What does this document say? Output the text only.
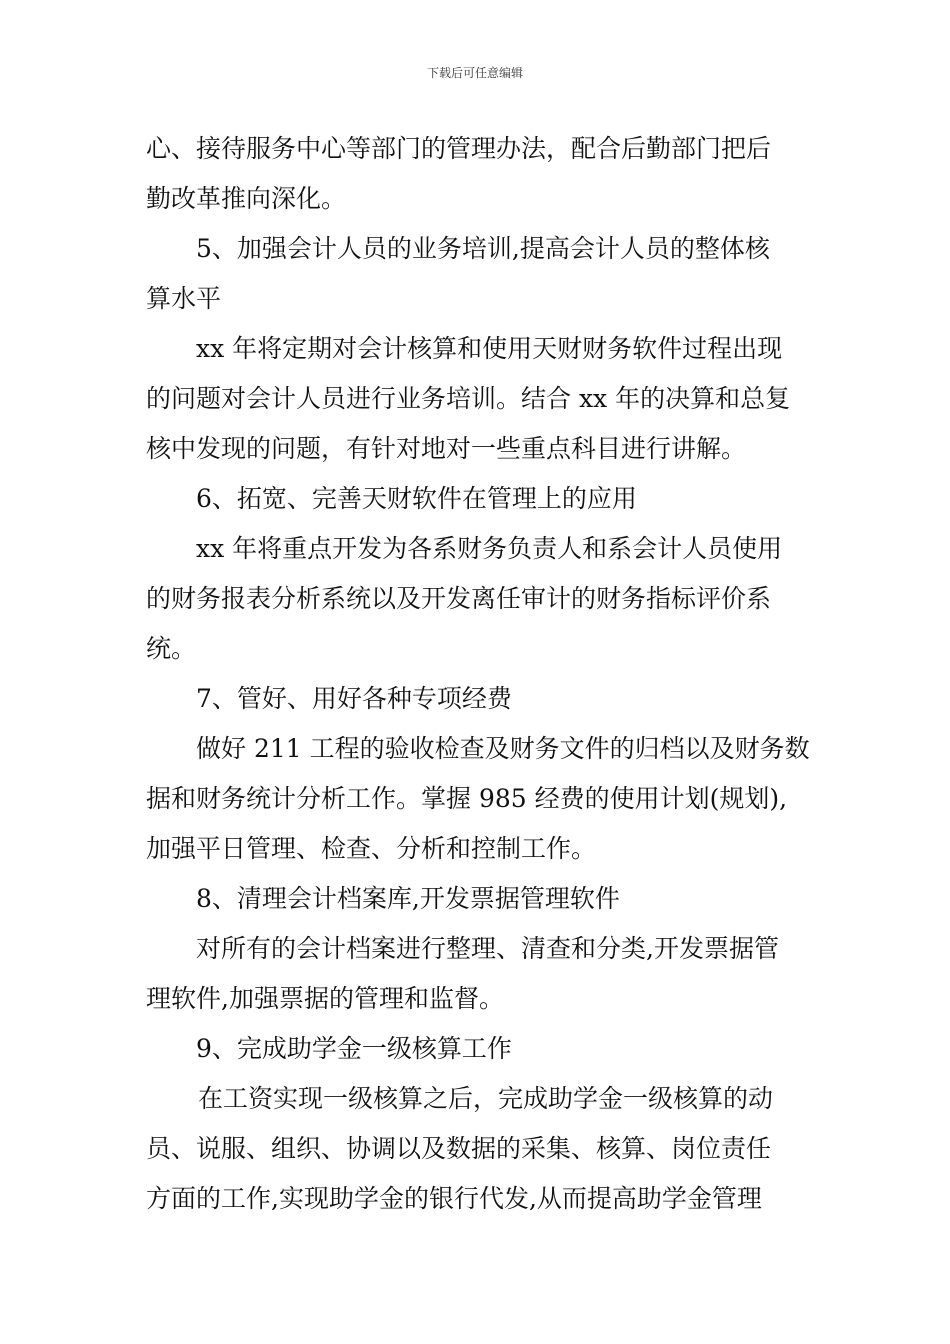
下载后可任意编辑
心、接待服务中心等部门的管理办法，配合后勤部门把后
勤改革推向深化。
5、加强会计人员的业务培训,提高会计人员的整体核
算水平
xx 年将定期对会计核算和使用天财财务软件过程出现
的问题对会计人员进行业务培训。结合 xx 年的决算和总复
核中发现的问题，有针对地对一些重点科目进行讲解。
6、拓宽、完善天财软件在管理上的应用
xx 年将重点开发为各系财务负责人和系会计人员使用
的财务报表分析系统以及开发离任审计的财务指标评价系
统。
7、管好、用好各种专项经费
做好 211 工程的验收检查及财务文件的归档以及财务数
据和财务统计分析工作。掌握 985 经费的使用计划(规划),
加强平日管理、检查、分析和控制工作。
8、清理会计档案库,开发票据管理软件
对所有的会计档案进行整理、清查和分类,开发票据管
理软件,加强票据的管理和监督。
9、完成助学金一级核算工作
在工资实现一级核算之后，完成助学金一级核算的动
员、说服、组织、协调以及数据的采集、核算、岗位责任
方面的工作,实现助学金的银行代发,从而提高助学金管理
